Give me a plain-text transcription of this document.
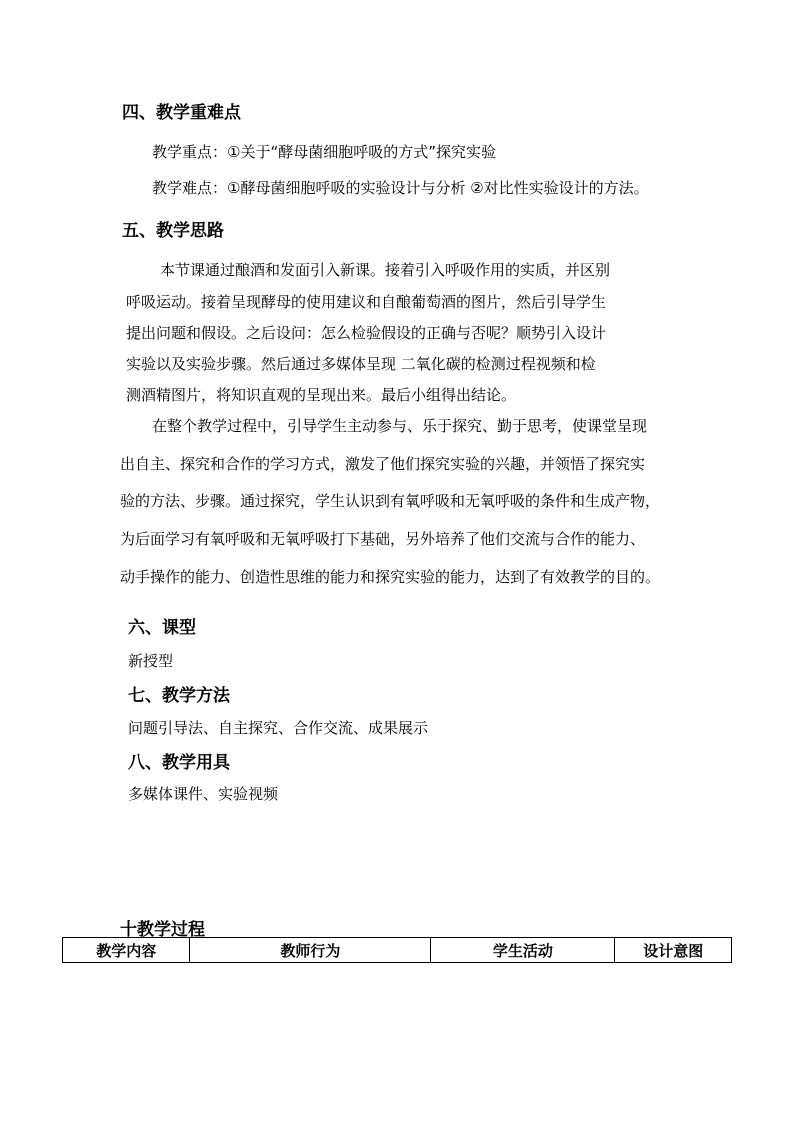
四、教学重难点
教学重点：①关于“酵母菌细胞呼吸的方式”探究实验
教学难点：①酵母菌细胞呼吸的实验设计与分析 ②对比性实验设计的方法。
五、教学思路
本节课通过酿酒和发面引入新课。接着引入呼吸作用的实质，并区别
呼吸运动。接着呈现酵母的使用建议和自酿葡萄酒的图片，然后引导学生
提出问题和假设。之后设问：怎么检验假设的正确与否呢？顺势引入设计
实验以及实验步骤。然后通过多媒体呈现 二氧化碳的检测过程视频和检
测酒精图片，将知识直观的呈现出来。最后小组得出结论。
在整个教学过程中，引导学生主动参与、乐于探究、勤于思考，使课堂呈现
出自主、探究和合作的学习方式，激发了他们探究实验的兴趣，并领悟了探究实
验的方法、步骤。通过探究，学生认识到有氧呼吸和无氧呼吸的条件和生成产物，
为后面学习有氧呼吸和无氧呼吸打下基础，另外培养了他们交流与合作的能力、
动手操作的能力、创造性思维的能力和探究实验的能力，达到了有效教学的目的。
六、课型
新授型
七、教学方法
问题引导法、自主探究、合作交流、成果展示
八、教学用具
多媒体课件、实验视频
十教学过程
教学内容	教师行为	学生活动	设计意图
